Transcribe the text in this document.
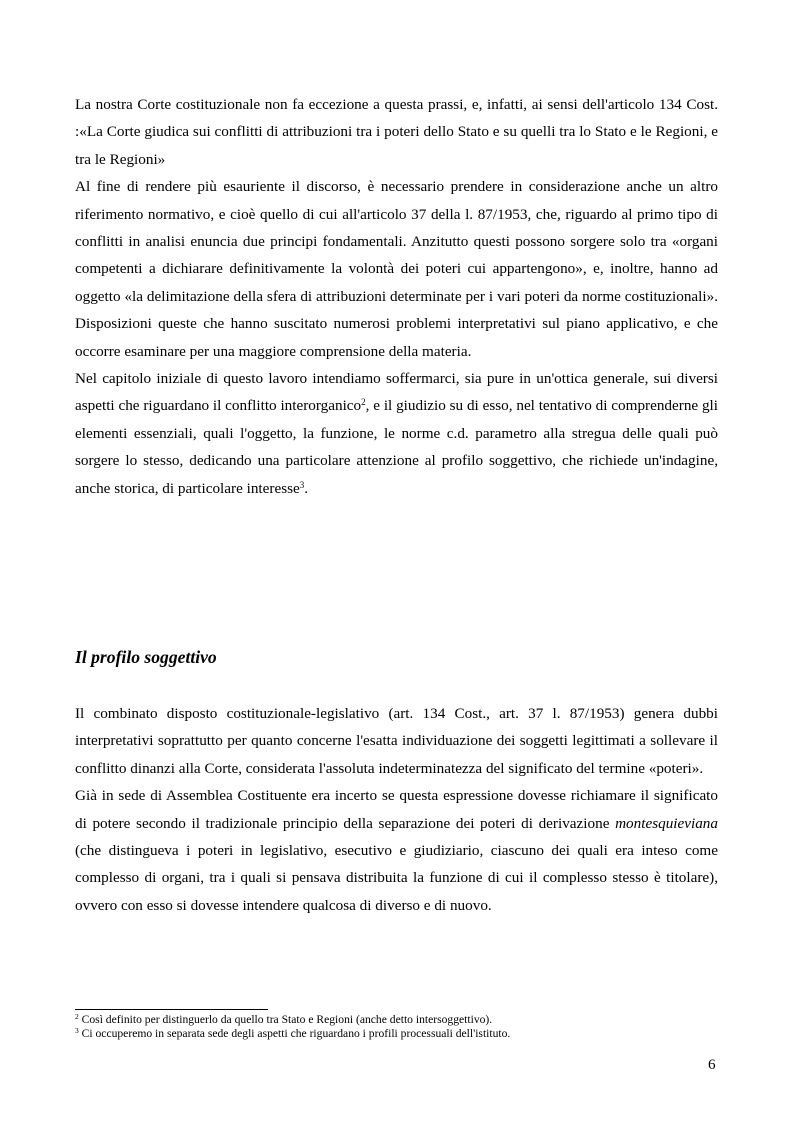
La nostra Corte costituzionale non fa eccezione a questa prassi, e, infatti, ai sensi dell'articolo 134 Cost. :«La Corte giudica sui conflitti di attribuzioni tra i poteri dello Stato e su quelli tra lo Stato e le Regioni, e tra le Regioni»

Al fine di rendere più esauriente il discorso, è necessario prendere in considerazione anche un altro riferimento normativo, e cioè quello di cui all'articolo 37 della l. 87/1953, che, riguardo al primo tipo di conflitti in analisi enuncia due principi fondamentali. Anzitutto questi possono sorgere solo tra «organi competenti a dichiarare definitivamente la volontà dei poteri cui appartengono», e, inoltre, hanno ad oggetto «la delimitazione della sfera di attribuzioni determinate per i vari poteri da norme costituzionali». Disposizioni queste che hanno suscitato numerosi problemi interpretativi sul piano applicativo, e che occorre esaminare per una maggiore comprensione della materia.

Nel capitolo iniziale di questo lavoro intendiamo soffermarci, sia pure in un'ottica generale, sui diversi aspetti che riguardano il conflitto interorganico$^2$, e il giudizio su di esso, nel tentativo di comprenderne gli elementi essenziali, quali l'oggetto, la funzione, le norme c.d. parametro alla stregua delle quali può sorgere lo stesso, dedicando una particolare attenzione al profilo soggettivo, che richiede un'indagine, anche storica, di particolare interesse$^3$.

Il profilo soggettivo

Il combinato disposto costituzionale-legislativo (art. 134 Cost., art. 37 l. 87/1953) genera dubbi interpretativi soprattutto per quanto concerne l'esatta individuazione dei soggetti legittimati a sollevare il conflitto dinanzi alla Corte, considerata l'assoluta indeterminatezza del significato del termine «poteri».

Già in sede di Assemblea Costituente era incerto se questa espressione dovesse richiamare il significato di potere secondo il tradizionale principio della separazione dei poteri di derivazione montesquieviana (che distingueva i poteri in legislativo, esecutivo e giudiziario, ciascuno dei quali era inteso come complesso di organi, tra i quali si pensava distribuita la funzione di cui il complesso stesso è titolare), ovvero con esso si dovesse intendere qualcosa di diverso e di nuovo.

$^2$ Così definito per distinguerlo da quello tra Stato e Regioni (anche detto intersoggettivo).

$^3$ Ci occuperemo in separata sede degli aspetti che riguardano i profili processuali dell'istituto.

6
